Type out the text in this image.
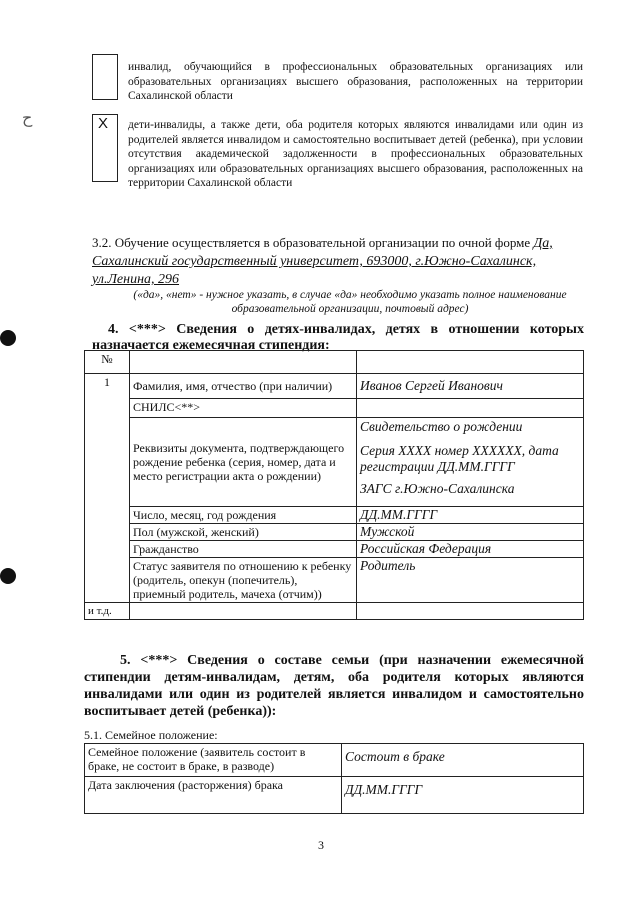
инвалид, обучающийся в профессиональных образовательных организациях или образовательных организациях высшего образования, расположенных на территории Сахалинской области
ح	Х дети-инвалиды, а также дети, оба родителя которых являются инвалидами или один из родителей является инвалидом и самостоятельно воспитывает детей (ребенка), при условии отсутствия академической задолженности в профессиональных образовательных организациях или образовательных организациях высшего образования, расположенных на территории Сахалинской области
3.2. Обучение осуществляется в образовательной организации по очной форме Да,
Сахалинский государственный университет, 693000, г.Южно-Сахалинск,
ул.Ленина, 296
(«да», «нет» - нужное указать, в случае «да» необходимо указать полное наименование образовательной организации, почтовый адрес)
4. <***> Сведения о детях-инвалидах, детях в отношении которых назначается ежемесячная стипендия:
№		
1	Фамилия, имя, отчество (при наличии)	Иванов Сергей Иванович
	СНИЛС<**>	
	Реквизиты документа, подтверждающего рождение ребенка (серия, номер, дата и место регистрации акта о рождении)	Свидетельство о рождении
Серия XXXX номер XXXXXX, дата регистрации ДД.ММ.ГГГГ
ЗАГС г.Южно-Сахалинска

	Число, месяц, год рождения	ДД.ММ.ГГГГ
	Пол (мужской, женский)	Мужской
	Гражданство	Российская Федерация
	Статус заявителя по отношению к ребенку (родитель, опекун (попечитель), приемный родитель, мачеха (отчим))	Родитель
и т.д.		
5. <***> Сведения о составе семьи (при назначении ежемесячной стипендии детям-инвалидам, детям, оба родителя которых являются инвалидами или один из родителей является инвалидом и самостоятельно воспитывает детей (ребенка)):
5.1. Семейное положение:
Семейное положение (заявитель состоит в браке, не состоит в браке, в разводе)	Состоит в браке
Дата заключения (расторжения) брака	ДД.ММ.ГГГГ
3
